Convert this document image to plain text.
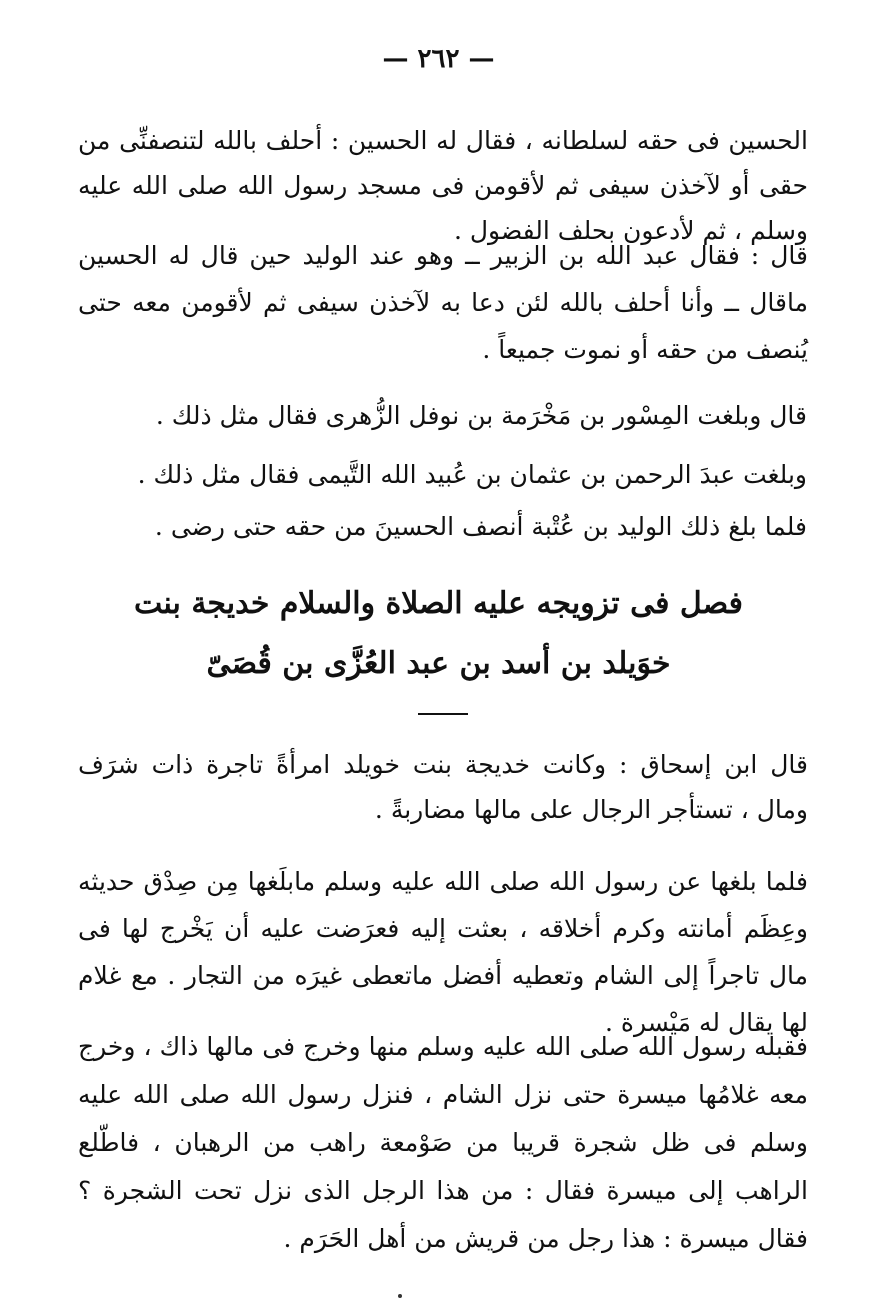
— ٢٦٢ —

الحسين فى حقه لسلطانه ، فقال له الحسين : أحلف بالله لتنصفنِّى من حقى أو لآخذن سيفى ثم لأقومن فى مسجد رسول الله صلى الله عليه وسلم ، ثم لأدعون بحلف الفضول .

قال : فقال عبد الله بن الزبير ــ وهو عند الوليد حين قال له الحسين ماقال ــ وأنا أحلف بالله لئن دعا به لآخذن سيفى ثم لأقومن معه حتى يُنصف من حقه أو نموت جميعاً .

قال وبلغت المِسْور بن مَخْرَمة بن نوفل الزُّهرى فقال مثل ذلك .
وبلغت عبدَ الرحمن بن عثمان بن عُبيد الله التَّيمى فقال مثل ذلك .
فلما بلغ ذلك الوليد بن عُتْبة أنصف الحسينَ من حقه حتى رضى .
فصل فى تزويجه عليه الصلاة والسلام خديجة بنت
خوَيلد بن أسد بن عبد العُزَّى بن قُصَىّ

قال ابن إسحاق : وكانت خديجة بنت خويلد امرأةً تاجرة ذات شرَف ومال ، تستأجر الرجال على مالها مضاربةً .

فلما بلغها عن رسول الله صلى الله عليه وسلم مابلَغها مِن صِدْق حديثه وعِظَم أمانته وكرم أخلاقه ، بعثت إليه فعرَضت عليه أن يَخْرج لها فى مال تاجراً إلى الشام وتعطيه أفضل ماتعطى غيرَه من التجار . مع غلام لها يقال له مَيْسرة .

فقبله رسول الله صلى الله عليه وسلم منها وخرج فى مالها ذاك ، وخرج معه غلامُها ميسرة حتى نزل الشام ، فنزل رسول الله صلى الله عليه وسلم فى ظل شجرة قريبا من صَوْمعة راهب من الرهبان ، فاطّلع الراهب إلى ميسرة فقال : من هذا الرجل الذى نزل تحت الشجرة ؟ فقال ميسرة : هذا رجل من قريش من أهل الحَرَم .
